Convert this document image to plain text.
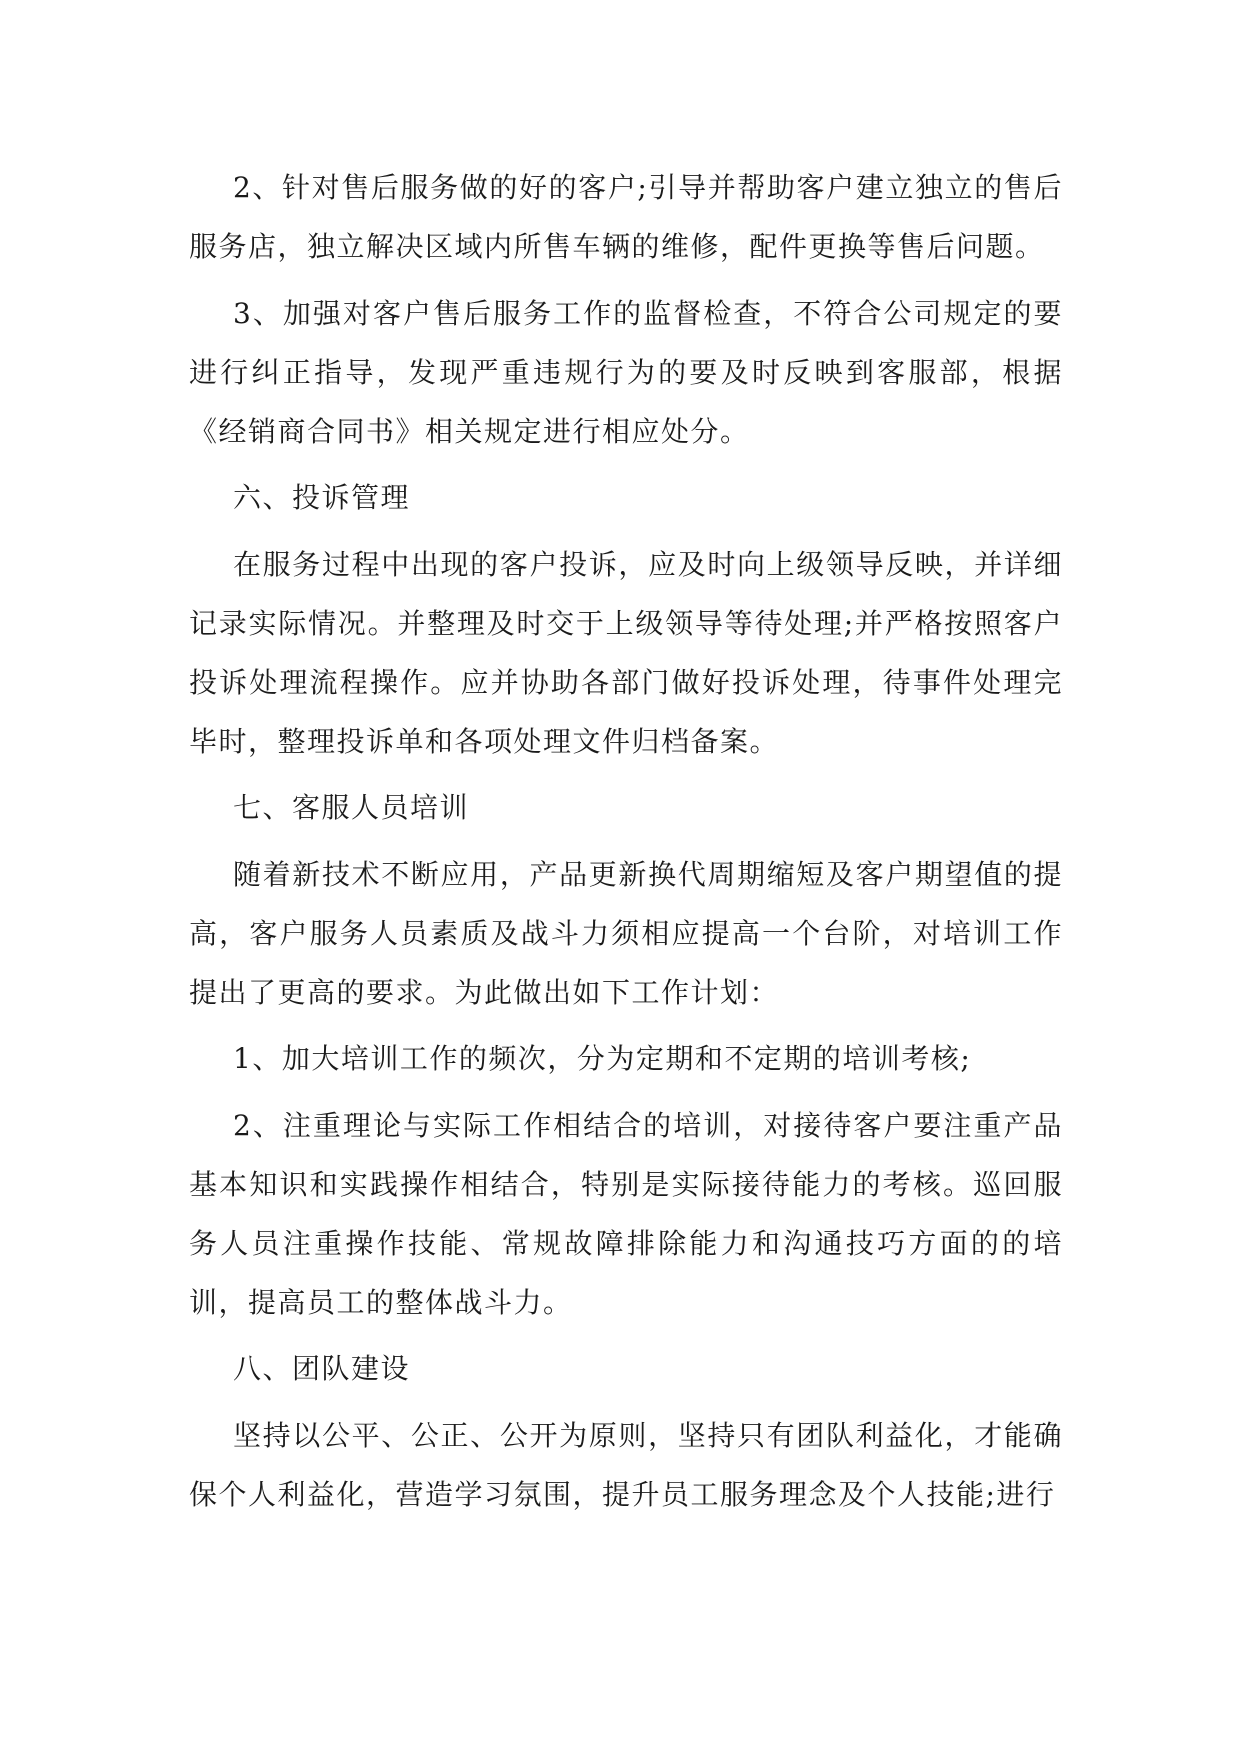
2、针对售后服务做的好的客户;引导并帮助客户建立独立的售后服务店，独立解决区域内所售车辆的维修，配件更换等售后问题。

3、加强对客户售后服务工作的监督检查，不符合公司规定的要进行纠正指导，发现严重违规行为的要及时反映到客服部，根据《经销商合同书》相关规定进行相应处分。

六、投诉管理

在服务过程中出现的客户投诉，应及时向上级领导反映，并详细记录实际情况。并整理及时交于上级领导等待处理;并严格按照客户投诉处理流程操作。应并协助各部门做好投诉处理，待事件处理完毕时，整理投诉单和各项处理文件归档备案。

七、客服人员培训

随着新技术不断应用，产品更新换代周期缩短及客户期望值的提高，客户服务人员素质及战斗力须相应提高一个台阶，对培训工作提出了更高的要求。为此做出如下工作计划：

1、加大培训工作的频次，分为定期和不定期的培训考核;

2、注重理论与实际工作相结合的培训，对接待客户要注重产品基本知识和实践操作相结合，特别是实际接待能力的考核。巡回服务人员注重操作技能、常规故障排除能力和沟通技巧方面的的培训，提高员工的整体战斗力。

八、团队建设

坚持以公平、公正、公开为原则，坚持只有团队利益化，才能确保个人利益化，营造学习氛围，提升员工服务理念及个人技能;进行
